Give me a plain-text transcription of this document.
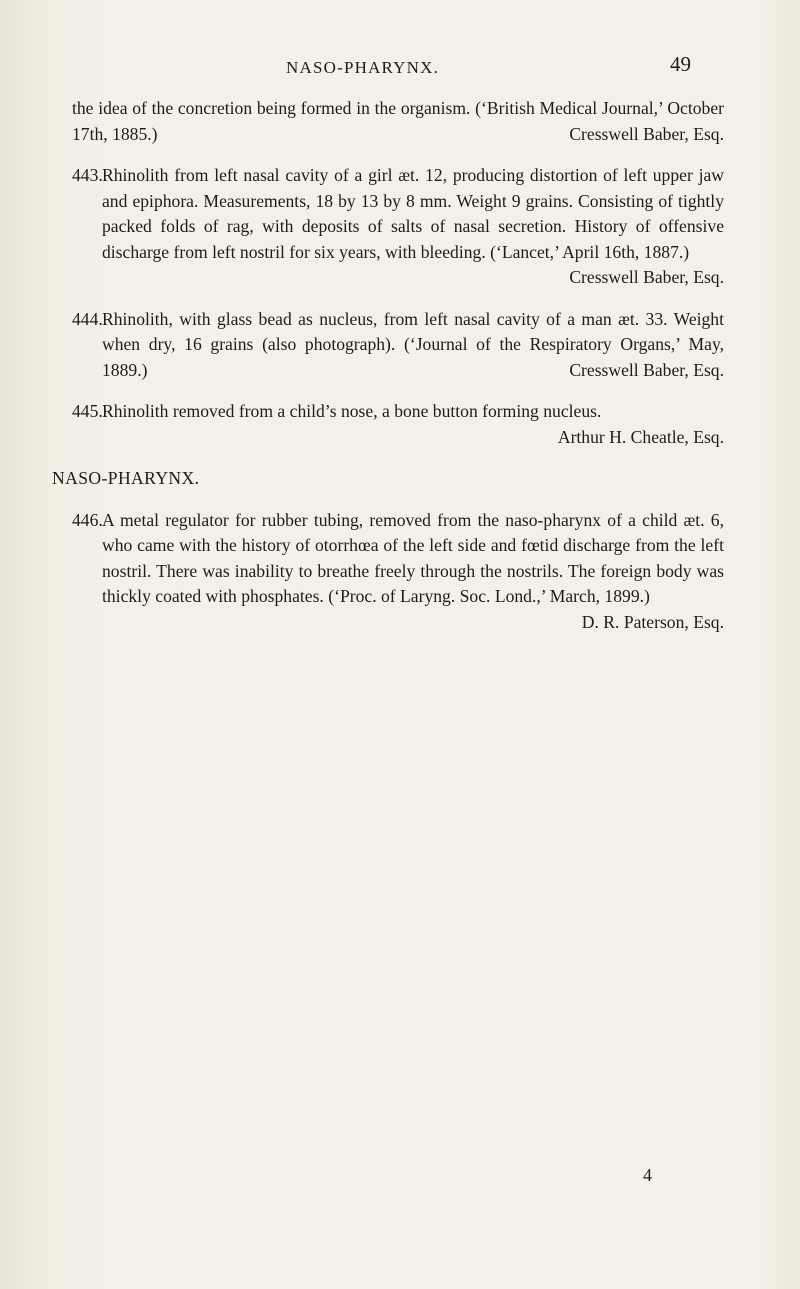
NASO-PHARYNX.	49

the idea of the concretion being formed in the organism. (‘British Medical Journal,’ October 17th, 1885.)	Cresswell Baber, Esq.

443.Rhinolith from left nasal cavity of a girl æt. 12, producing distortion of left upper jaw and epiphora. Measurements, 18 by 13 by 8 mm. Weight 9 grains. Consisting of tightly packed folds of rag, with deposits of salts of nasal secretion. History of offensive discharge from left nostril for six years, with bleeding. (‘Lancet,’ April 16th, 1887.)
Cresswell Baber, Esq.

444.Rhinolith, with glass bead as nucleus, from left nasal cavity of a man æt. 33. Weight when dry, 16 grains (also photograph). (‘Journal of the Respiratory Organs,’ May, 1889.)	Cresswell Baber, Esq.

445.Rhinolith removed from a child’s nose, a bone button forming nucleus.
Arthur H. Cheatle, Esq.

NASO-PHARYNX.

446.A metal regulator for rubber tubing, removed from the naso-pharynx of a child æt. 6, who came with the history of otorrhœa of the left side and fœtid discharge from the left nostril. There was inability to breathe freely through the nostrils. The foreign body was thickly coated with phosphates. (‘Proc. of Laryng. Soc. Lond.,’ March, 1899.)
D. R. Paterson, Esq.

4
